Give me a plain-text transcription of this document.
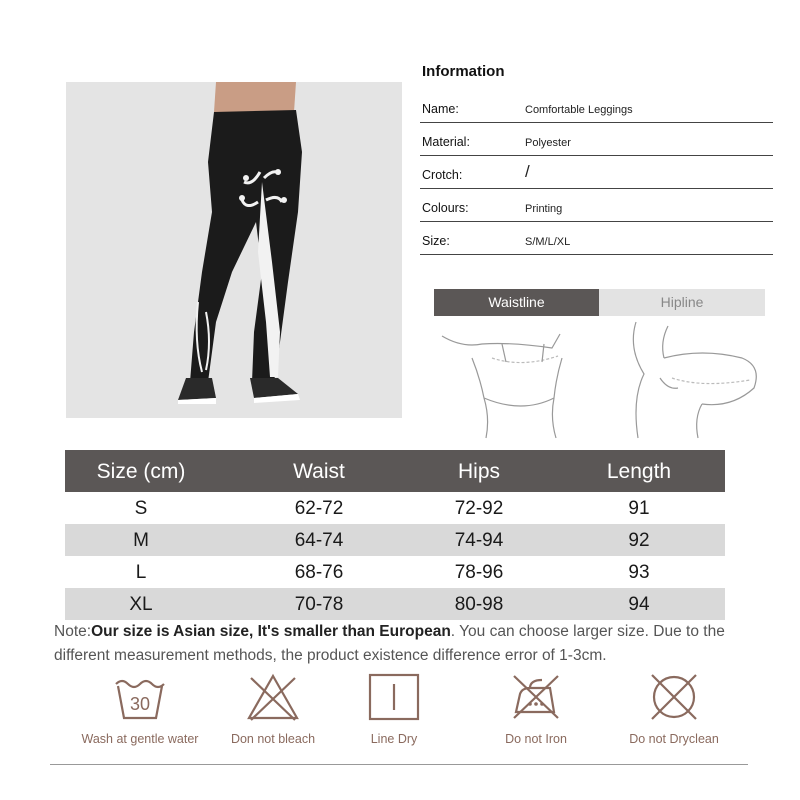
Information
Name:	Comfortable Leggings
Material:	Polyester
Crotch:	/
Colours:	Printing
Size:	S/M/L/XL
Waistline	Hipline
Size (cm)	Waist	Hips	Length
S	62-72	72-92	91
M	64-74	74-94	92
L	68-76	78-96	93
XL	70-78	80-98	94
Note:Our size is Asian size, It's smaller than European. You can choose larger size. Due to the different measurement methods, the product existence difference error of 1-3cm.
30
Wash at gentle water	Don not bleach	Line Dry	Do not Iron	Do not Dryclean
